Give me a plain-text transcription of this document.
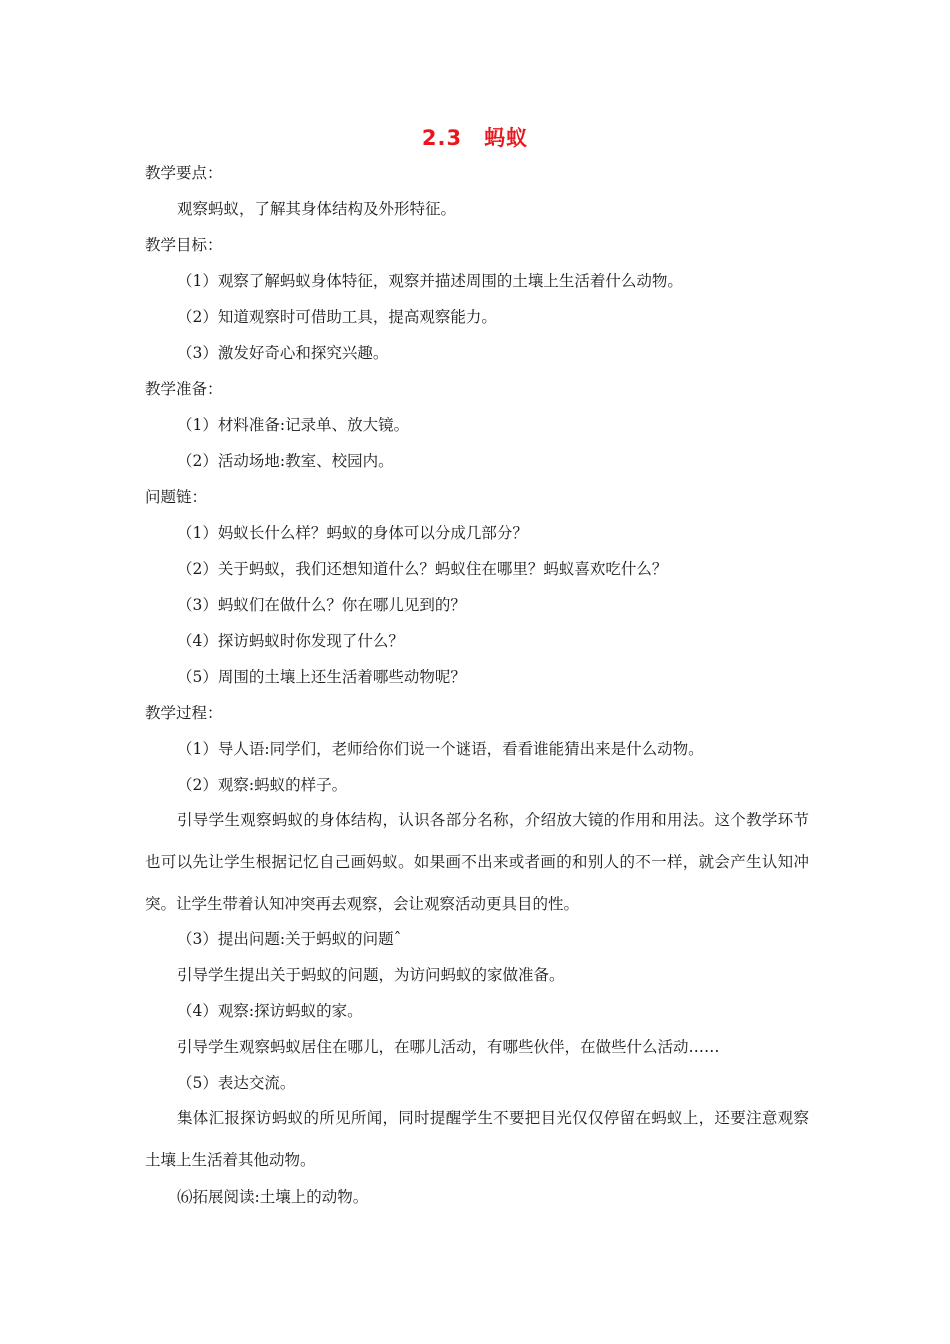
2.3 蚂蚁
教学要点：
观察蚂蚁，了解其身体结构及外形特征。
教学目标：
（1）观察了解蚂蚁身体特征，观察并描述周围的土壤上生活着什么动物。
（2）知道观察时可借助工具，提高观察能力。
（3）激发好奇心和探究兴趣。
教学准备：
（1）材料准备:记录单、放大镜。
（2）活动场地:教室、校园内。
问题链：
（1）妈蚁长什么样？蚂蚁的身体可以分成几部分？
（2）关于蚂蚁，我们还想知道什么？蚂蚁住在哪里？蚂蚁喜欢吃什么？
（3）蚂蚁们在做什么？你在哪儿见到的？
（4）探访蚂蚁时你发现了什么？
（5）周围的土壤上还生活着哪些动物呢？
教学过程：
（1）导人语:同学们，老师给你们说一个谜语，看看谁能猜出来是什么动物。
（2）观察:蚂蚁的样子。
引导学生观察蚂蚁的身体结构，认识各部分名称，介绍放大镜的作用和用法。这个教学环节也可以先让学生根据记忆自己画妈蚁。如果画不出来或者画的和别人的不一样，就会产生认知冲突。让学生带着认知冲突再去观察，会让观察活动更具目的性。
（3）提出问题:关于蚂蚁的问题ˆ
引导学生提出关于蚂蚁的问题，为访问蚂蚁的家做准备。
（4）观察:探访蚂蚁的家。
引导学生观察蚂蚁居住在哪儿，在哪儿活动，有哪些伙伴，在做些什么活动……
（5）表达交流。
集体汇报探访蚂蚁的所见所闻，同时提醒学生不要把目光仅仅停留在蚂蚁上，还要注意观察土壤上生活着其他动物。
⑹拓展阅读:土壤上的动物。
